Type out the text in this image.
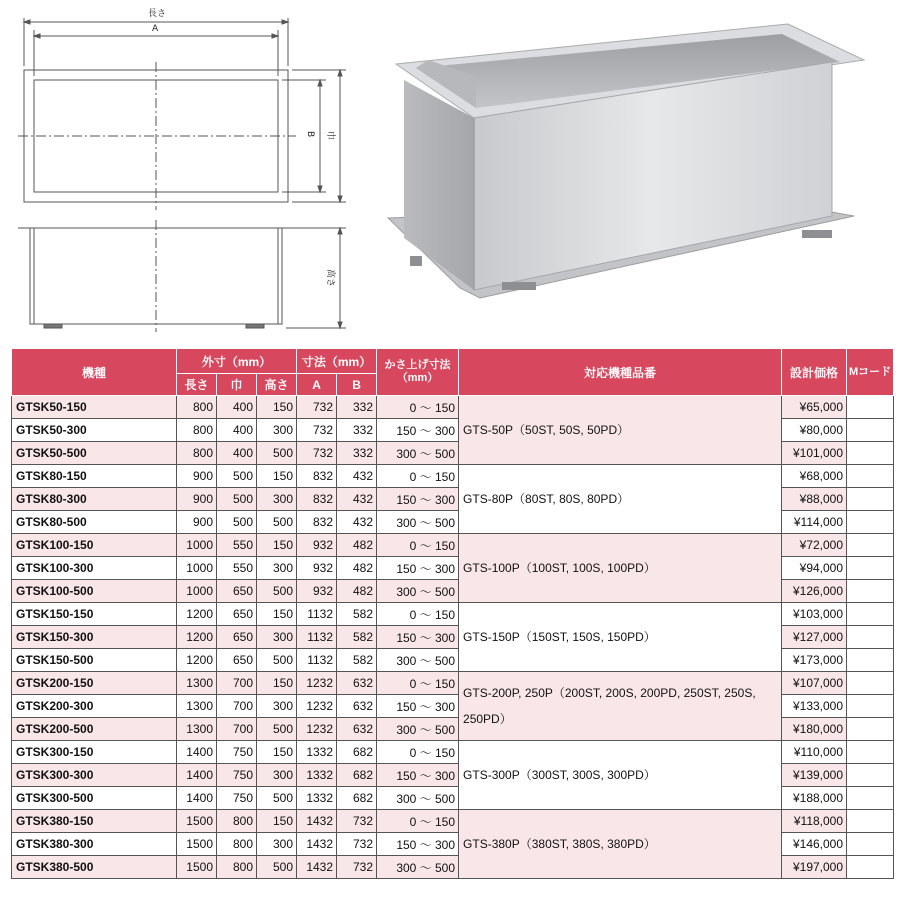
長さ
A
B 巾
高さ
機種	外寸（mm）			寸法（mm）		かさ上げ寸法
（mm）	対応機種品番	設計価格	Mコード
	長さ	巾	高さ	A	B				
GTSK50-150	800	400	150	732	332	0 ～ 150	GTS-50P（50ST, 50S, 50PD）	¥65,000	
GTSK50-300	800	400	300	732	332	150 ～ 300		¥80,000	
GTSK50-500	800	400	500	732	332	300 ～ 500		¥101,000	
GTSK80-150	900	500	150	832	432	0 ～ 150	GTS-80P（80ST, 80S, 80PD）	¥68,000	
GTSK80-300	900	500	300	832	432	150 ～ 300		¥88,000	
GTSK80-500	900	500	500	832	432	300 ～ 500		¥114,000	
GTSK100-150	1000	550	150	932	482	0 ～ 150	GTS-100P（100ST, 100S, 100PD）	¥72,000	
GTSK100-300	1000	550	300	932	482	150 ～ 300		¥94,000	
GTSK100-500	1000	650	500	932	482	300 ～ 500		¥126,000	
GTSK150-150	1200	650	150	1132	582	0 ～ 150	GTS-150P（150ST, 150S, 150PD）	¥103,000	
GTSK150-300	1200	650	300	1132	582	150 ～ 300		¥127,000	
GTSK150-500	1200	650	500	1132	582	300 ～ 500		¥173,000	
GTSK200-150	1300	700	150	1232	632	0 ～ 150	GTS-200P, 250P（200ST, 200S, 200PD, 250ST, 250S, 250PD）	¥107,000	
GTSK200-300	1300	700	300	1232	632	150 ～ 300		¥133,000	
GTSK200-500	1300	700	500	1232	632	300 ～ 500		¥180,000	
GTSK300-150	1400	750	150	1332	682	0 ～ 150	GTS-300P（300ST, 300S, 300PD）	¥110,000	
GTSK300-300	1400	750	300	1332	682	150 ～ 300		¥139,000	
GTSK300-500	1400	750	500	1332	682	300 ～ 500		¥188,000	
GTSK380-150	1500	800	150	1432	732	0 ～ 150	GTS-380P（380ST, 380S, 380PD）	¥118,000	
GTSK380-300	1500	800	300	1432	732	150 ～ 300		¥146,000	
GTSK380-500	1500	800	500	1432	732	300 ～ 500		¥197,000	
